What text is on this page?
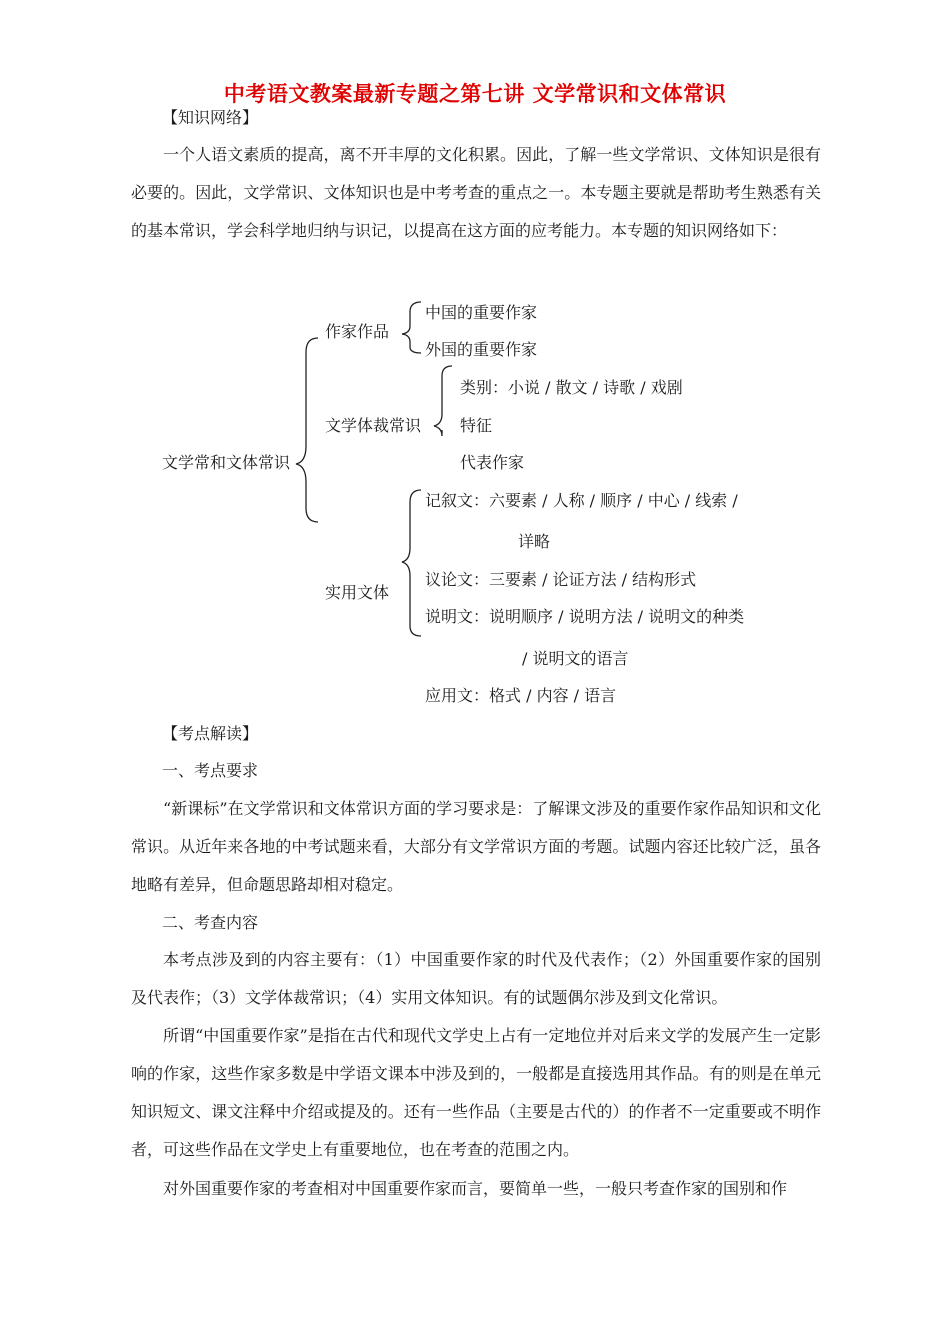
中考语文教案最新专题之第七讲 文学常识和文体常识
【知识网络】
一个人语文素质的提高，离不开丰厚的文化积累。因此，了解一些文学常识、文体知识是很有必要的。因此，文学常识、文体知识也是中考考查的重点之一。本专题主要就是帮助考生熟悉有关的基本常识，学会科学地归纳与识记，以提高在这方面的应考能力。本专题的知识网络如下：
文学常和文体常识
作家作品
中国的重要作家
外国的重要作家
文学体裁常识
类别：小说 / 散文 / 诗歌 / 戏剧
特征
代表作家
实用文体
记叙文：六要素 / 人称 / 顺序 / 中心 / 线索 /
详略
议论文：三要素 / 论证方法 / 结构形式
说明文：说明顺序 / 说明方法 / 说明文的种类
/ 说明文的语言
应用文：格式 / 内容 / 语言
【考点解读】
一、考点要求
“新课标”在文学常识和文体常识方面的学习要求是：了解课文涉及的重要作家作品知识和文化常识。从近年来各地的中考试题来看，大部分有文学常识方面的考题。试题内容还比较广泛，虽各地略有差异，但命题思路却相对稳定。
二、考查内容
本考点涉及到的内容主要有：（1）中国重要作家的时代及代表作；（2）外国重要作家的国别及代表作；（3）文学体裁常识；（4）实用文体知识。有的试题偶尔涉及到文化常识。
所谓“中国重要作家”是指在古代和现代文学史上占有一定地位并对后来文学的发展产生一定影响的作家，这些作家多数是中学语文课本中涉及到的，一般都是直接选用其作品。有的则是在单元知识短文、课文注释中介绍或提及的。还有一些作品（主要是古代的）的作者不一定重要或不明作者，可这些作品在文学史上有重要地位，也在考查的范围之内。
对外国重要作家的考查相对中国重要作家而言，要简单一些，一般只考查作家的国别和作
